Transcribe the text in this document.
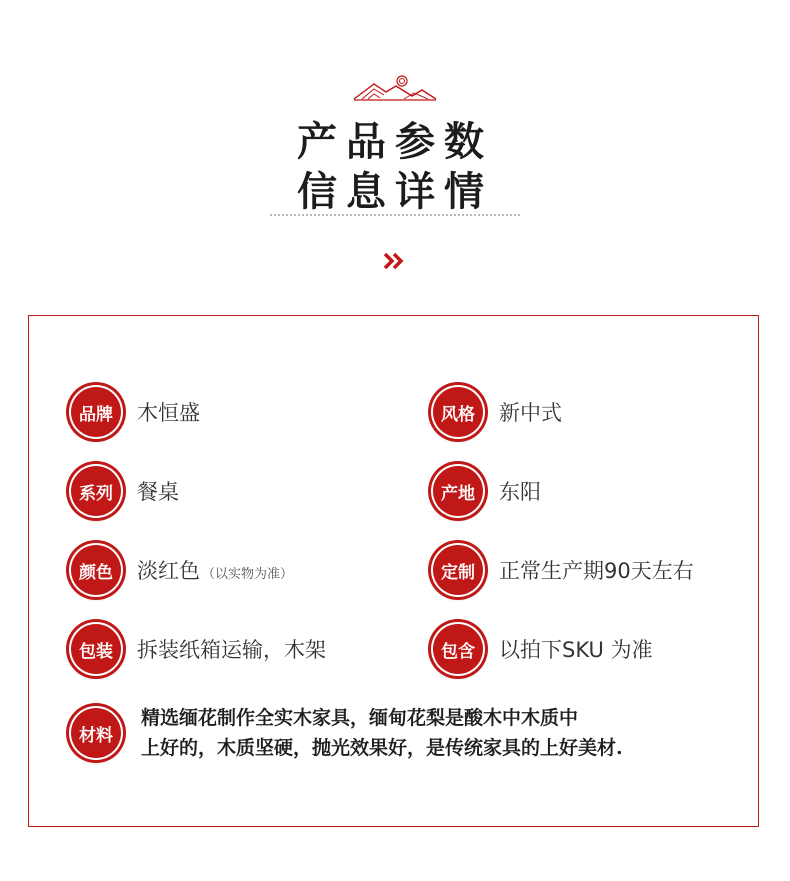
产品参数
信息详情
品牌	木恒盛	风格	新中式
系列	餐桌	产地	东阳
颜色	淡红色 （以实物为准）	定制	正常生产期90天左右
包装	拆装纸箱运输，木架	包含	以拍下SKU 为准
材料
精选缅花制作全实木家具，缅甸花梨是酸木中木质中
上好的，木质坚硬，抛光效果好，是传统家具的上好美材.
